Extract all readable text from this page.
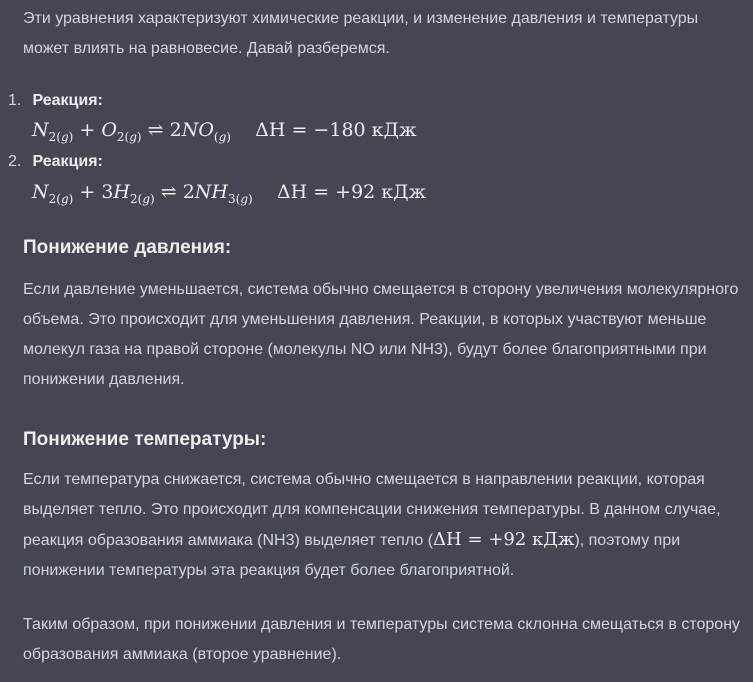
Эти уравнения характеризуют химические реакции, и изменение давления и температуры может влиять на равновесие. Давай разберемся.

1. Реакция:

$N_{2(g)} + O_{2(g)}$ ⇌ $2NO_{(g)}$ ΔH = −180 кДж

2. Реакция:

$N_{2(g)} + 3H_{2(g)}$ ⇌ $2NH_{3(g)}$ ΔH = +92 кДж
Понижение давления:

Если давление уменьшается, система обычно смещается в сторону увеличения молекулярного объема. Это происходит для уменьшения давления. Реакции, в которых участвуют меньше молекул газа на правой стороне (молекулы NO или NH3), будут более благоприятными при понижении давления.

Понижение температуры:

Если температура снижается, система обычно смещается в направлении реакции, которая выделяет тепло. Это происходит для компенсации снижения температуры. В данном случае, реакция образования аммиака (NH3) выделяет тепло (ΔH = +92 кДж), поэтому при понижении температуры эта реакция будет более благоприятной.

Таким образом, при понижении давления и температуры система склонна смещаться в сторону образования аммиака (второе уравнение).
